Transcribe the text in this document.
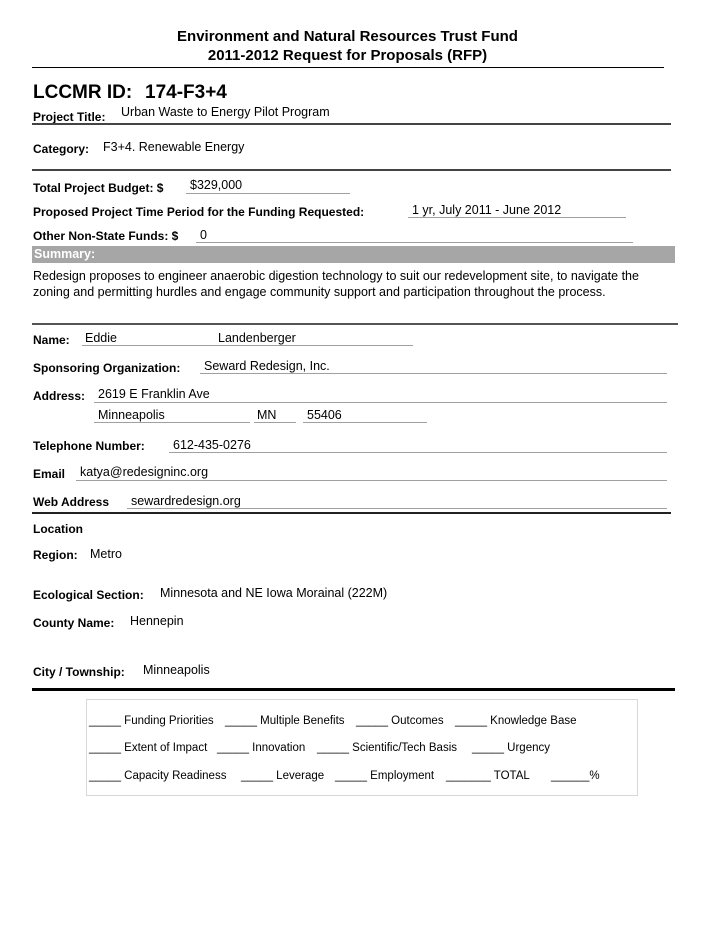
Environment and Natural Resources Trust Fund
2011-2012 Request for Proposals (RFP)
LCCMR ID: 174-F3+4
Project Title: Urban Waste to Energy Pilot Program
Category: F3+4. Renewable Energy
Total Project Budget: $ $329,000
Proposed Project Time Period for the Funding Requested:	1 yr, July 2011 - June 2012
Other Non-State Funds: $ 0
Summary:
Redesign proposes to engineer anaerobic digestion technology to suit our redevelopment site, to navigate the zoning and permitting hurdles and engage community support and participation throughout the process.
Name: Eddie	Landenberger
Sponsoring Organization: Seward Redesign, Inc.
Address: 2619 E Franklin Ave
Minneapolis	MN 55406
Telephone Number: 612-435-0276
Email katya@redesigninc.org
Web Address sewardredesign.org
Location
Region: Metro
Ecological Section: Minnesota and NE Iowa Morainal (222M)
County Name: Hennepin
City / Township: Minneapolis
_____ Funding Priorities _____ Multiple Benefits _____ Outcomes _____ Knowledge Base
_____ Extent of Impact _____ Innovation _____ Scientific/Tech Basis _____ Urgency
_____ Capacity Readiness _____ Leverage _____ Employment _______ TOTAL ______%
